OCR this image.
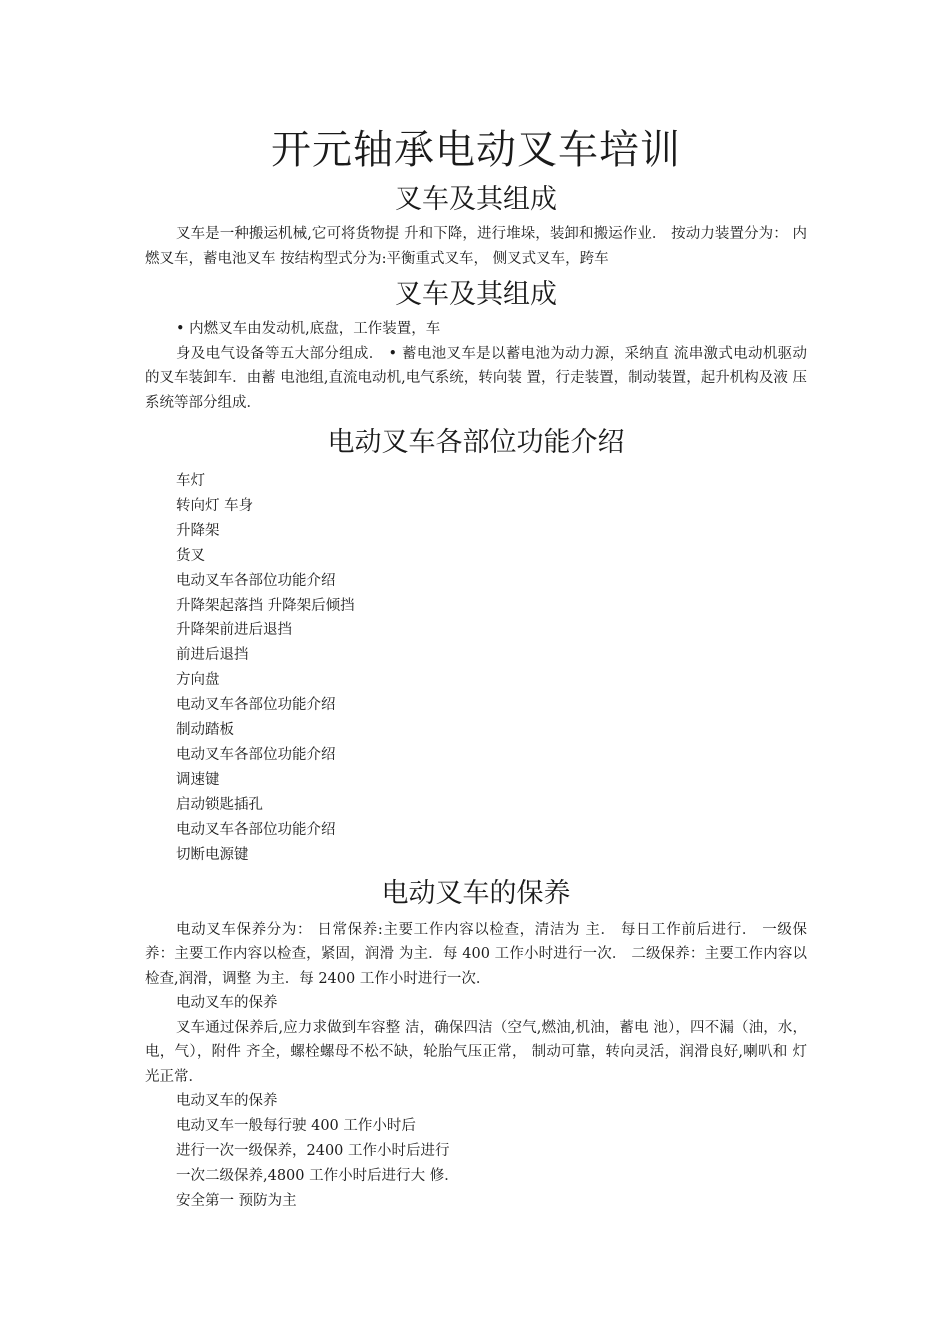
开元轴承电动叉车培训
叉车及其组成

叉车是一种搬运机械,它可将货物提 升和下降，进行堆垛，装卸和搬运作业． 按动力装置分为： 内燃叉车，蓄电池叉车 按结构型式分为:平衡重式叉车， 侧叉式叉车，跨车

叉车及其组成

• 内燃叉车由发动机,底盘，工作装置，车

身及电气设备等五大部分组成． • 蓄电池叉车是以蓄电池为动力源，采纳直 流串激式电动机驱动的叉车装卸车．由蓄 电池组,直流电动机,电气系统，转向装 置，行走装置，制动装置，起升机构及液 压系统等部分组成．

电动叉车各部位功能介绍
车灯
转向灯 车身
升降架
货叉
电动叉车各部位功能介绍
升降架起落挡 升降架后倾挡
升降架前进后退挡
前进后退挡
方向盘
电动叉车各部位功能介绍
制动踏板
电动叉车各部位功能介绍
调速键
启动锁匙插孔
电动叉车各部位功能介绍
切断电源键
电动叉车的保养

电动叉车保养分为： 日常保养:主要工作内容以检查，清洁为 主． 每日工作前后进行． 一级保养：主要工作内容以检查，紧固，润滑 为主．每 400 工作小时进行一次． 二级保养：主要工作内容以检查,润滑，调整 为主．每 2400 工作小时进行一次．

电动叉车的保养

叉车通过保养后,应力求做到车容整 洁，确保四洁（空气,燃油,机油，蓄电 池），四不漏（油，水，电，气），附件 齐全，螺栓螺母不松不缺，轮胎气压正常， 制动可靠，转向灵活，润滑良好,喇叭和 灯光正常．

电动叉车的保养
电动叉车一般每行驶 400 工作小时后
进行一次一级保养，2400 工作小时后进行
一次二级保养,4800 工作小时后进行大 修．
安全第一 预防为主
